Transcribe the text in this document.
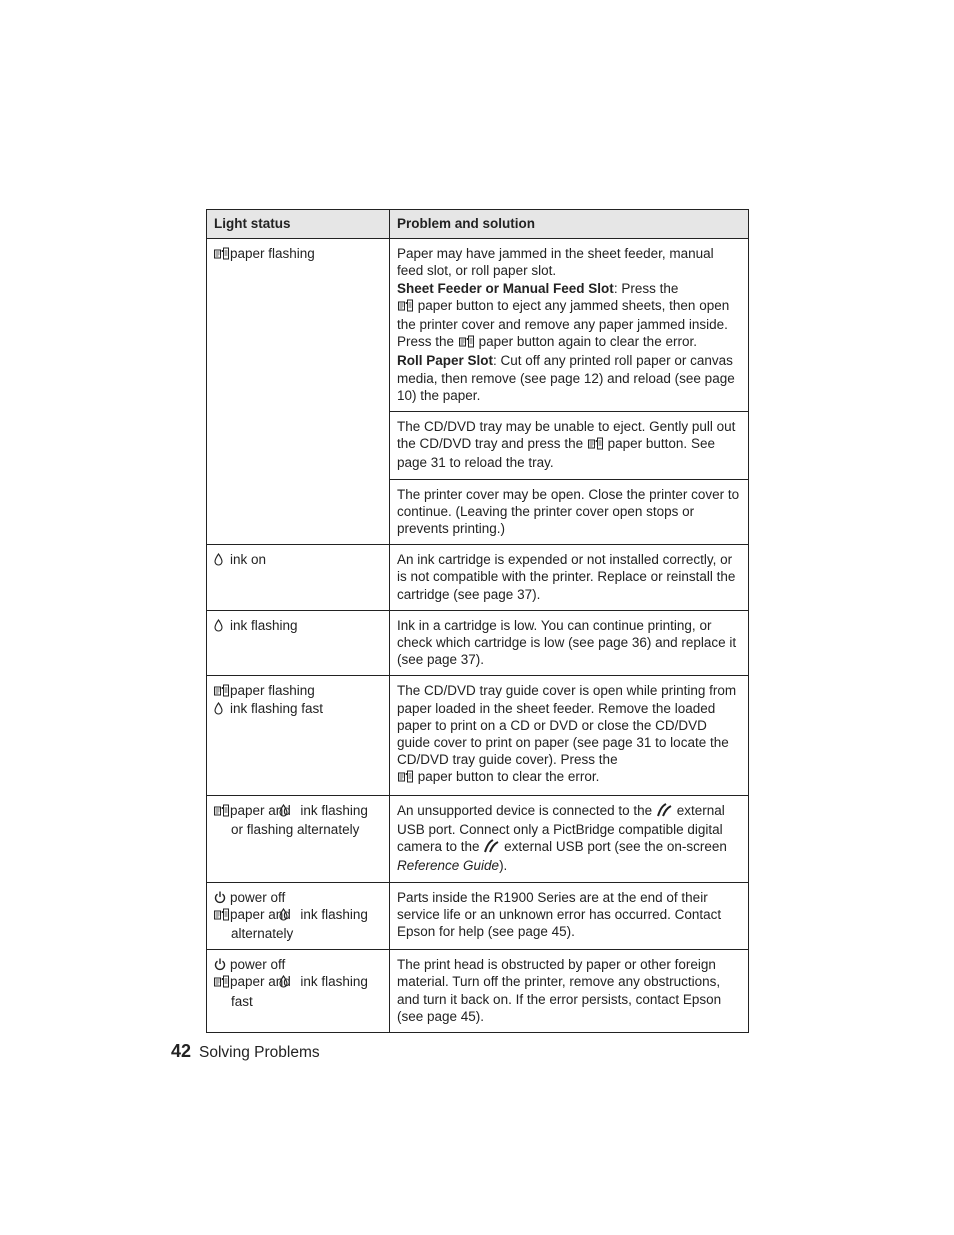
Light status	Problem and solution

paper flashing	Paper may have jammed in the sheet feeder, manual feed slot, or roll paper slot.
Sheet Feeder or Manual Feed Slot: Press the
paper button to eject any jammed sheets, then open the printer cover and remove any paper jammed inside. Press the paper button again to clear the error.
Roll Paper Slot: Cut off any printed roll paper or canvas media, then remove (see page 12) and reload (see page 10) the paper.
	The CD/DVD tray may be unable to eject. Gently pull out the CD/DVD tray and press the paper button. See page 31 to reload the tray.
	The printer cover may be open. Close the printer cover to continue. (Leaving the printer cover open stops or prevents printing.)

ink on	An ink cartridge is expended or not installed correctly, or is not compatible with the printer. Replace or reinstall the cartridge (see page 37).

ink flashing	Ink in a cartridge is low. You can continue printing, or check which cartridge is low (see page 36) and replace it (see page 37).

paper flashing
ink flashing fast	The CD/DVD tray guide cover is open while printing from paper loaded in the sheet feeder. Remove the loaded paper to print on a CD or DVD or close the CD/DVD guide cover to print on paper (see page 31 to locate the CD/DVD tray guide cover). Press the
paper button to clear the error.

paper and ink flashing or flashing alternately	An unsupported device is connected to the external USB port. Connect only a PictBridge compatible digital camera to the external USB port (see the on-screen
Reference Guide).

power off
paper and ink flashing alternately	Parts inside the R1900 Series are at the end of their service life or an unknown error has occurred. Contact Epson for help (see page 45).

power off
paper and ink flashing fast	The print head is obstructed by paper or other foreign material. Turn off the printer, remove any obstructions, and turn it back on. If the error persists, contact Epson (see page 45).
42 Solving Problems
